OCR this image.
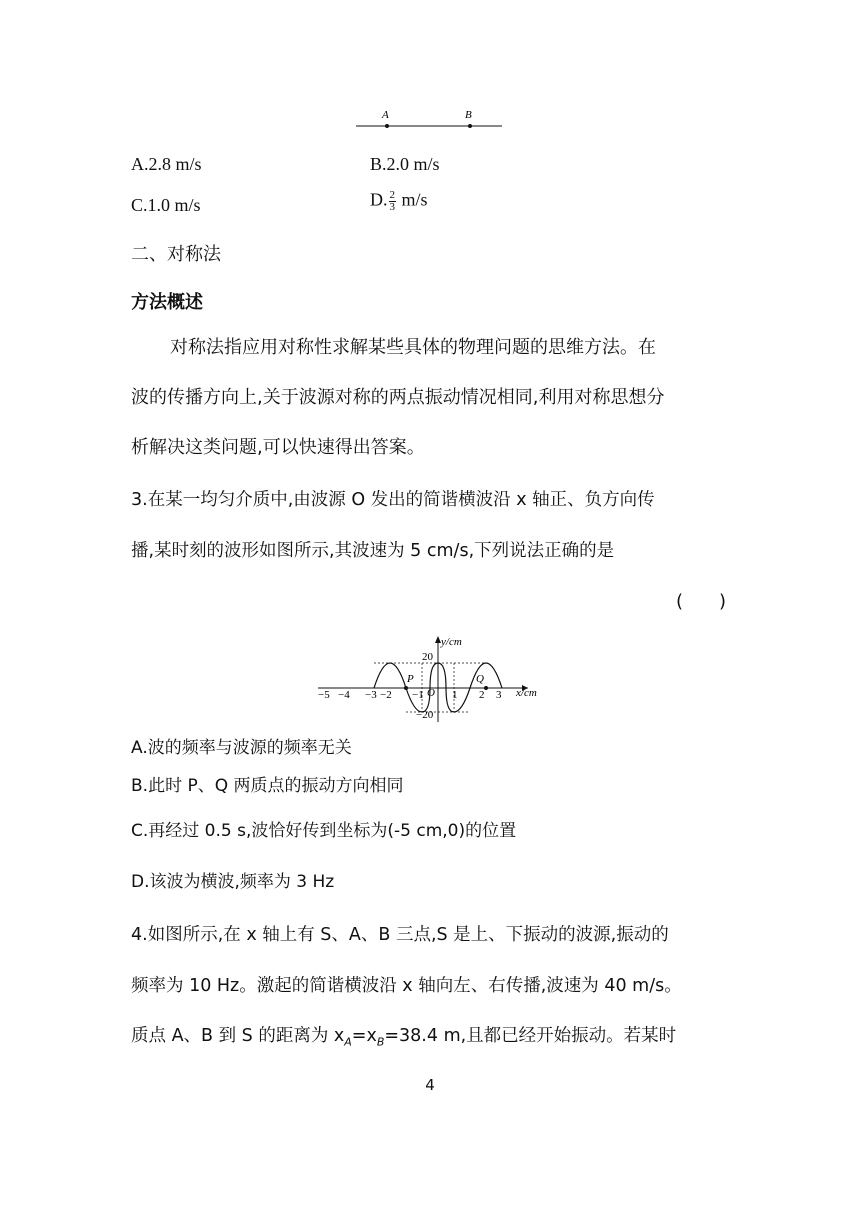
A	B
A.2.8 m/s	B.2.0 m/s
C.1.0 m/s	D. $\frac{2}{3} m/s$
二、对称法
方法概述
对称法指应用对称性求解某些具体的物理问题的思维方法。在
波的传播方向上,关于波源对称的两点振动情况相同,利用对称思想分
析解决这类问题,可以快速得出答案。
3.在某一均匀介质中,由波源 O 发出的简谐横波沿 x 轴正、负方向传
播,某时刻的波形如图所示,其波速为 5 cm/s,下列说法正确的是
(　　)
P	Q
y/cm
x/cm
20
−20
O
−5 −4 −3 −2 −1	1 2 3
A.波的频率与波源的频率无关
B.此时 P、Q 两质点的振动方向相同
C.再经过 0.5 s,波恰好传到坐标为(-5 cm,0)的位置
D.该波为横波,频率为 3 Hz
4.如图所示,在 x 轴上有 S、A、B 三点,S 是上、下振动的波源,振动的
频率为 10 Hz。激起的简谐横波沿 x 轴向左、右传播,波速为 40 m/s。
质点 A、B 到 S 的距离为 $x_A=x_B=38.4$ m,且都已经开始振动。若某时
4
